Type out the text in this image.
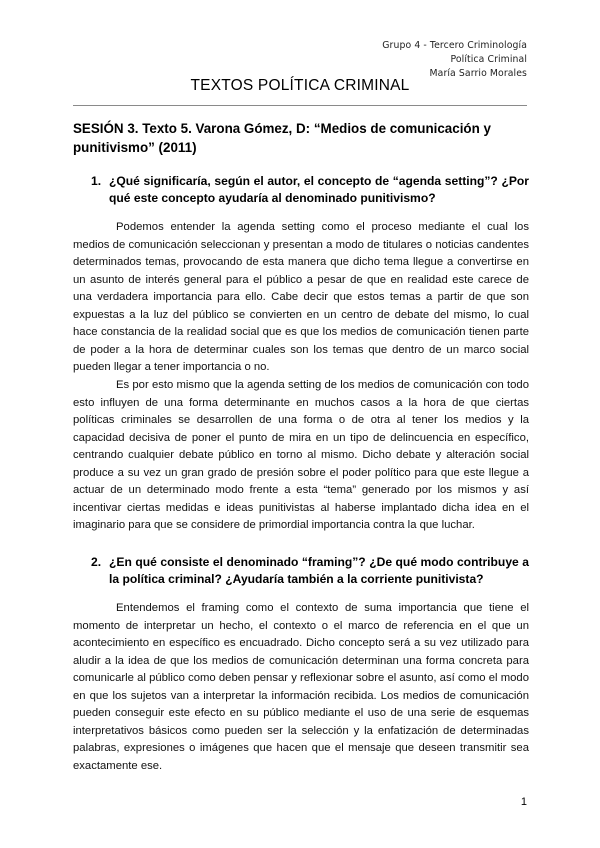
Grupo 4 - Tercero Criminología
Política Criminal
María Sarrio Morales
TEXTOS POLÍTICA CRIMINAL
SESIÓN 3. Texto 5. Varona Gómez, D: “Medios de comunicación y punitivismo” (2011)
1. ¿Qué significaría, según el autor, el concepto de “agenda setting”? ¿Por qué este concepto ayudaría al denominado punitivismo?
Podemos entender la agenda setting como el proceso mediante el cual los medios de comunicación seleccionan y presentan a modo de titulares o noticias candentes determinados temas, provocando de esta manera que dicho tema llegue a convertirse en un asunto de interés general para el público a pesar de que en realidad este carece de una verdadera importancia para ello. Cabe decir que estos temas a partir de que son expuestas a la luz del público se convierten en un centro de debate del mismo, lo cual hace constancia de la realidad social que es que los medios de comunicación tienen parte de poder a la hora de determinar cuales son los temas que dentro de un marco social pueden llegar a tener importancia o no.
Es por esto mismo que la agenda setting de los medios de comunicación con todo esto influyen de una forma determinante en muchos casos a la hora de que ciertas políticas criminales se desarrollen de una forma o de otra al tener los medios y la capacidad decisiva de poner el punto de mira en un tipo de delincuencia en específico, centrando cualquier debate público en torno al mismo. Dicho debate y alteración social produce a su vez un gran grado de presión sobre el poder político para que este llegue a actuar de un determinado modo frente a esta “tema” generado por los mismos y así incentivar ciertas medidas e ideas punitivistas al haberse implantado dicha idea en el imaginario para que se considere de primordial importancia contra la que luchar.
2. ¿En qué consiste el denominado “framing”? ¿De qué modo contribuye a la política criminal? ¿Ayudaría también a la corriente punitivista?
Entendemos el framing como el contexto de suma importancia que tiene el momento de interpretar un hecho, el contexto o el marco de referencia en el que un acontecimiento en específico es encuadrado. Dicho concepto será a su vez utilizado para aludir a la idea de que los medios de comunicación determinan una forma concreta para comunicarle al público como deben pensar y reflexionar sobre el asunto, así como el modo en que los sujetos van a interpretar la información recibida. Los medios de comunicación pueden conseguir este efecto en su público mediante el uso de una serie de esquemas interpretativos básicos como pueden ser la selección y la enfatización de determinadas palabras, expresiones o imágenes que hacen que el mensaje que deseen transmitir sea exactamente ese.
1
